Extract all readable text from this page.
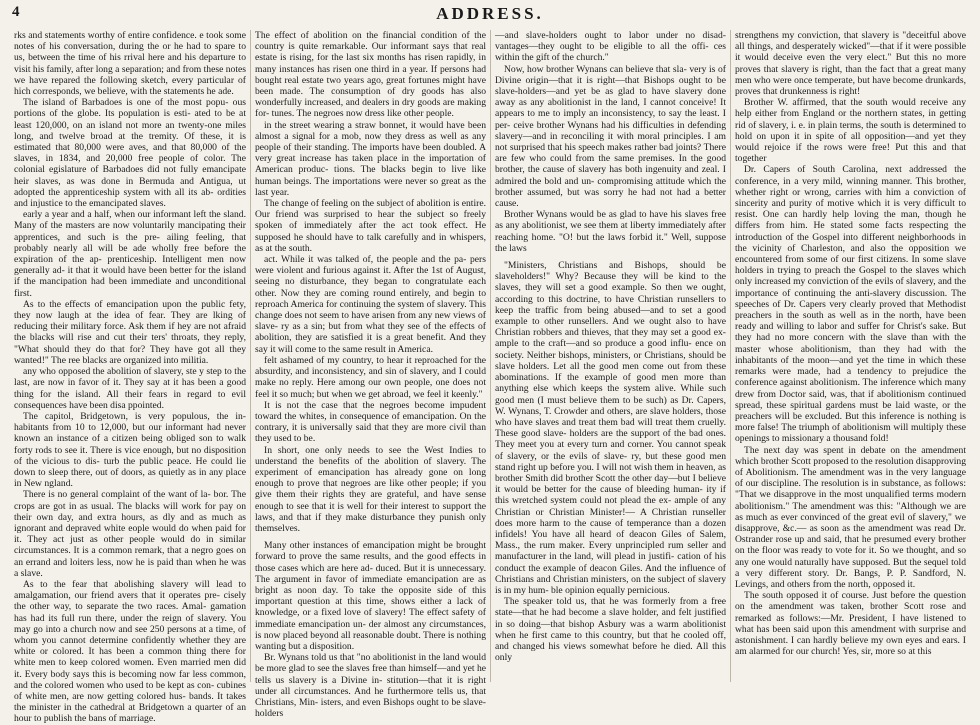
4	ADDRESS.

rks and statements worthy of entire confidence. e took some notes of his conversation, during the or he had to spare to us, between the time of his rrival here and his departure to visit his family, after long a separation; and from these notes we have repared the following sketch, every particular of hich corresponds, we believe, with the statements he ade.

The island of Barbadoes is one of the most popu- ous portions of the globe. Its population is esti- ated to be at least 120,000, on an island not more an twenty-one miles long, and twelve broad at the tremity. Of these, it is estimated that 80,000 were aves, and that 80,000 of the slaves, in 1834, and 20,000 free people of color. The colonial egislature of Barbadoes did not fully emancipate heir slaves, as was done in Bermuda and Antigua, ut adopted the apprenticeship system with all its ab- ordities and injustice to the emancipated slaves.

early a year and a half, when our informant left the sland. Many of the masters are now voluntarily mancipating their apprentices, and such is the pre- ailing feeling, that probably nearly all will be ade wholly free before the expiration of the ap- prenticeship. Intelligent men now generally ad- it that it would have been better for the island if the mancipation had been immediate and unconditional first.

As to the effects of emancipation upon the public fety, they now laugh at the idea of fear. They are lking of reducing their military force. Ask them if hey are not afraid the blacks will rise and cut their ters' throats, they reply, "What should they do that for? They have got all they wanted!" The ree blacks are organized into militia.

any who opposed the abolition of slavery, ste y step to the last, are now in favor of it. They say at it has been a good thing for the island. All their fears in regard to evil consequences have been disa ppointed.

The capitol, Bridgetown, is very populous, the in- habitants from 10 to 12,000, but our informant had never known an instance of a citizen being obliged son to walk forty rods to see it. There is vice enough, but no disposition of the vicious to dis- turb the public peace. He could lie down to sleep there, out of doors, as quietly as in any place in New ngland.

There is no general complaint of the want of la- bor. The crops are got in as usual. The blacks will work for pay on their own day, and extra hours, as dly and as much as ignorant and depraved white eople would do when paid for it. They act just as other people would do in similar circumstances. It is a common remark, that a negro goes on an errand and loiters less, now he is paid than when he was a slave.

As to the fear that abolishing slavery will lead to amalgamation, our friend avers that it operates pre- cisely the other way, to separate the two races. Amal- gamation has had its full run there, under the reign of slavery. You may go into a church now and see 250 persons at a time, of whom you cannot determine confidently whether they are white or colored. It has been a common thing there for white men to keep colored women. Even married men did it. Every body says this is becoming now far less common, and the colored women who used to be kept as con- cubines of white men, are now getting colored hus- bands. It takes the minister in the cathedral at Bridgetown a quarter of an hour to publish the bans of marriage.

The effect of abolition on the financial condition of the country is quite remarkable. Our informant says that real estate is rising, for the last six months has risen rapidly, in many instances has risen one third in a year. If persons had bought real estate two years ago, great fortunes might have been made. The consumption of dry goods has also wonderfully increased, and dealers in dry goods are making for- tunes. The negroes now dress like other people.

in the street wearing a straw bonnet, it would have been almost a signal for a mob, now they dress as well as any people of their standing. The imports have been doubled. A very great increase has taken place in the importation of American produc- tions. The blacks begin to live like human beings. The importations were never so great as the last year.

The change of feeling on the subject of abolition is entire. Our friend was surprised to hear the subject so freely spoken of immediately after the act took effect. He supposed he should have to talk carefully and in whispers, as at the south.

act. While it was talked of, the people and the pa- pers were violent and furious against it. After the 1st of August, seeing no disturbance, they began to congratulate each other. Now they are coming round entirely, and begin to reproach America for continuing the system of slavery. This change does not seem to have arisen from any new views of slave- ry as a sin; but from what they see of the effects of abolition, they are satisfied it is a great benefit. And they say it will come to the same result in America.

felt ashamed of my country, to hear it reproached for the absurdity, and inconsistency, and sin of slavery, and I could make no reply. Here among our own people, one does not feel it so much; but when we get abroad, we feel it keenly."

It is not the case that the negroes become impudent toward the whites, in consequence of emancipation. On the contrary, it is universally said that they are more civil than they used to be.

In short, one only needs to see the West Indies to understand the benefits of the abolition of slavery. The experiment of emancipation has already gone on long enough to prove that negroes are like other people; if you give them their rights they are grateful, and have sense enough to see that it is well for their interest to support the laws, and that if they make disturbance they punish only themselves.

Many other instances of emancipation might be brought forward to prove the same results, and the good effects in those cases which are here ad- duced. But it is unnecessary. The argument in favor of immediate emancipation are as bright as noon day. To take the opposite side of this important question at this time, shows either a lack of knowledge, or a fixed love of slavery! The effect safety of immediate emancipation un- der almost any circumstances, is now placed beyond all reasonable doubt. There is nothing wanting but a disposition.

Br. Wynans told us that "no abolitionist in the land would be more glad to see the slaves free than himself—and yet he tells us slavery is a Divine in- stitution—that it is right under all circumstances. And he furthermore tells us, that Christians, Min- isters, and even Bishops ought to be slave-holders

—and slave-holders ought to labor under no disad- vantages—they ought to be eligible to all the offi- ces within the gift of the church."

Now, how brother Wynans can believe that sla- very is of Divine origin—that it is right—that Bishops ought to be slave-holders—and yet be as glad to have slavery done away as any abolitionist in the land, I cannot conceive! It appears to me to imply an inconsistency, to say the least. I per- ceive brother Wynans had his difficulties in defending slavery—and in reconciling it with moral principles. I am not surprised that his speech makes rather bad joints? There are few who could from the same premises. In the good brother, the cause of slavery has both ingenuity and zeal. I admired the bold and un- compromising attitude which the brother assumed, but was sorry he had not had a better cause.

Brother Wynans would be as glad to have his slaves free as any abolitionist, we see them at liberty immediately after reaching home. "O! but the laws forbid it." Well, suppose the laws

"Ministers, Christians and Bishops, should be slaveholders!" Why? Because they will be kind to the slaves, they will set a good example. So then we ought, according to this doctrine, to have Christian runsellers to keep the traffic from being abused—and to set a good example to other runsellers. And we ought also to have Christian robbers and thieves, that they may set a good ex- ample to the craft—and so produce a good influ- ence on society. Neither bishops, ministers, or Christians, should be slave holders. Let all the good men come out from these abominations. If the example of good men more than anything else which keeps the system alive. While such good men (I must believe them to be such) as Dr. Capers, W. Wynans, T. Crowder and others, are slave holders, those who have slaves and treat them bad will treat them cruelly. These good slave- holders are the support of the bad ones. They meet you at every turn and corner. You cannot speak of slavery, or the evils of slave- ry, but these good men stand right up before you. I will not wish them in heaven, as brother Smith did brother Scott the other day—but I believe it would be better for the cause of bleeding human- ity if this wretched system could not plead the ex- ample of any Christian or Christian Minister!— A Christian runseller does more harm to the cause of temperance than a dozen infidels! You have all heard of deacon Giles of Salem, Mass., the rum maker. Every unprincipled rum seller and manufacturer in the land, will plead in justifi- cation of his conduct the example of deacon Giles. And the influence of Christians and Christian ministers, on the subject of slavery is in my hum- ble opinion equally pernicious.

The speaker told us, that he was formerly from a free state—that he had become a slave holder, and felt justified in so doing—that bishop Asbury was a warm abolitionist when he first came to this country, but that he cooled off, and changed his views somewhat before he died. All this only

strengthens my conviction, that slavery is "deceitful above all things, and desperately wicked"—that if it were possible it would deceive even the very elect." But this no more proves that slavery is right, than the fact that a great many men who were once temperate, but have become drunkards, proves that drunkenness is right!

Brother W. affirmed, that the south would receive any help either from England or the northern states, in getting rid of slavery, i. e. in plain terms, the south is determined to hold on upon it in spite of all opposition—and yet they would rejoice if the rows were free! Put this and that together

Dr. Capers of South Carolina, next addressed the conference, in a very mild, winning manner. This brother, whether right or wrong, carries with him a conviction of sincerity and purity of motive which it is very difficult to resist. One can hardly help loving the man, though he differs from him. He stated some facts respecting the introduction of the Gospel into different neighborhoods in the vicinity of Charleston, and also the opposition we encountered from some of our first citizens. In some slave holders in trying to preach the Gospel to the slaves which only increased my conviction of the evils of slavery, and the importance of continuing the anti-slavery discussion. The speeches of Dr. Capers very clearly proved that Methodist preachers in the south as well as in the north, have been ready and willing to labor and suffer for Christ's sake. But they had no more concern with the slave than with the master whose abolitionism, than they had with the inhabitants of the moon—and yet the time in which these remarks were made, had a tendency to prejudice the conference against abolitionism. The inference which many drew from Doctor said, was, that if abolitionism continued spread, these spiritual gardens must be laid waste, or the preachers will be excluded. But this inference is nothing is more false! The triumph of abolitionism will multiply these openings to missionary a thousand fold!

The next day was spent in debate on the amendment which brother Scott proposed to the resolution disapproving of Abolitionism. The amendment was in the very language of our discipline. The resolution is in substance, as follows: "That we disapprove in the most unqualified terms modern abolitionism." The amendment was this: "Although we are as much as ever convinced of the great evil of slavery," we disapprove, &c.— as soon as the amendment was read Dr. Ostrander rose up and said, that he presumed every brother on the floor was ready to vote for it. So we thought, and so any one would naturally have supposed. But the sequel told a very different story. Dr. Bangs, P. P. Sandford, N. Levings, and others from the north, opposed it.

The south opposed it of course. Just before the question on the amendment was taken, brother Scott rose and remarked as follows:—Mr. President, I have listened to what has been said upon this amendment with surprise and astonishment. I can hardly believe my own eyes and ears. I am alarmed for our church! Yes, sir, more so at this
